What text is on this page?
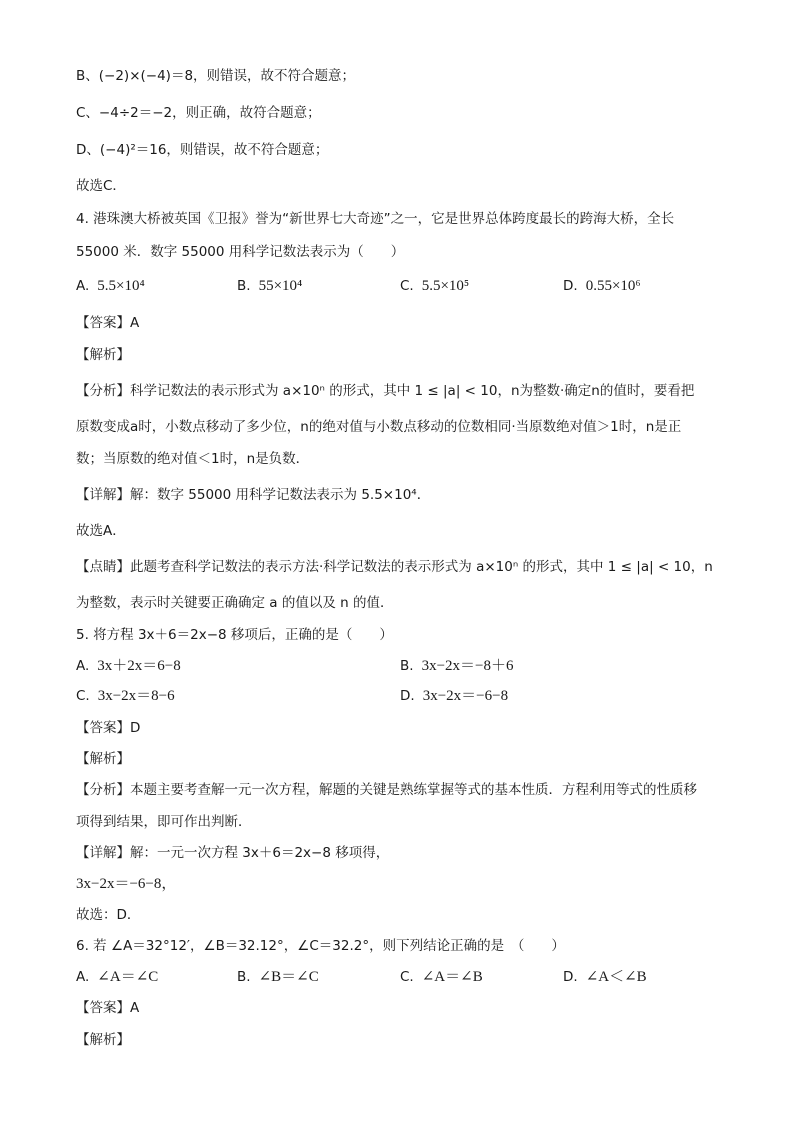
B、(−2)×(−4)＝8，则错误，故不符合题意；
C、−4÷2＝−2，则正确，故符合题意；
D、(−4)²＝16，则错误，故不符合题意；
故选C．
4. 港珠澳大桥被英国《卫报》誉为“新世界七大奇迹”之一，它是世界总体跨度最长的跨海大桥，全长
55000 米．数字 55000 用科学记数法表示为（　　）
A. 5.5×10⁴	B. 55×10⁴	C. 5.5×10⁵	D. 0.55×10⁶
【答案】A
【解析】
【分析】科学记数法的表示形式为 a×10ⁿ 的形式，其中 1 ≤ |a| < 10，n为整数·确定n的值时，要看把
原数变成a时，小数点移动了多少位，n的绝对值与小数点移动的位数相同·当原数绝对值＞1时，n是正
数；当原数的绝对值＜1时，n是负数．
【详解】解：数字 55000 用科学记数法表示为 5.5×10⁴．
故选A．
【点睛】此题考查科学记数法的表示方法·科学记数法的表示形式为 a×10ⁿ 的形式，其中 1 ≤ |a| < 10，n
为整数，表示时关键要正确确定 a 的值以及 n 的值．
5. 将方程 3x＋6＝2x−8 移项后，正确的是（　　）
A. 3x＋2x＝6−8	B. 3x−2x＝−8＋6
C. 3x−2x＝8−6	D. 3x−2x＝−6−8
【答案】D
【解析】
【分析】本题主要考查解一元一次方程，解题的关键是熟练掌握等式的基本性质．方程利用等式的性质移
项得到结果，即可作出判断．
【详解】解：一元一次方程 3x＋6＝2x−8 移项得，
3x−2x＝−6−8，
故选：D．
6. 若 ∠A＝32°12′，∠B＝32.12°，∠C＝32.2°，则下列结论正确的是　（　　）
A. ∠A＝∠C	B. ∠B＝∠C	C. ∠A＝∠B	D. ∠A＜∠B
【答案】A
【解析】
